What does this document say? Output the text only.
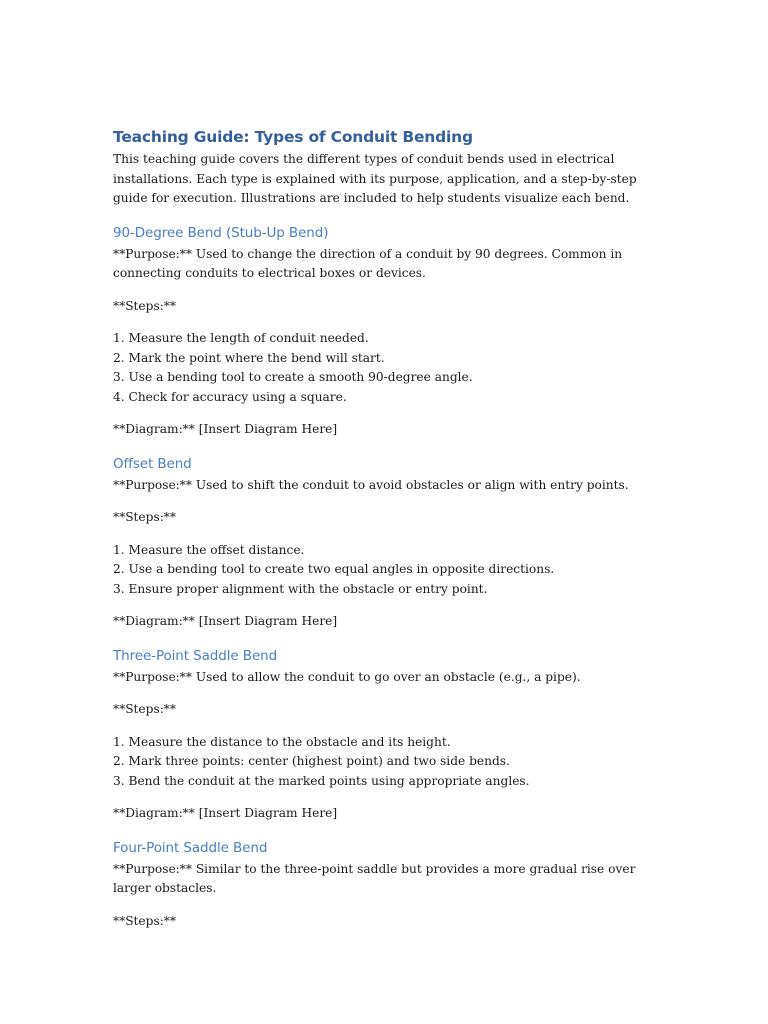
Teaching Guide: Types of Conduit Bending

This teaching guide covers the different types of conduit bends used in electrical installations. Each type is explained with its purpose, application, and a step-by-step guide for execution. Illustrations are included to help students visualize each bend.

90-Degree Bend (Stub-Up Bend)

**Purpose:** Used to change the direction of a conduit by 90 degrees. Common in connecting conduits to electrical boxes or devices.

**Steps:**

1. Measure the length of conduit needed.
2. Mark the point where the bend will start.
3. Use a bending tool to create a smooth 90-degree angle.
4. Check for accuracy using a square.

**Diagram:** [Insert Diagram Here]

Offset Bend

**Purpose:** Used to shift the conduit to avoid obstacles or align with entry points.

**Steps:**

1. Measure the offset distance.
2. Use a bending tool to create two equal angles in opposite directions.
3. Ensure proper alignment with the obstacle or entry point.

**Diagram:** [Insert Diagram Here]

Three-Point Saddle Bend

**Purpose:** Used to allow the conduit to go over an obstacle (e.g., a pipe).

**Steps:**

1. Measure the distance to the obstacle and its height.
2. Mark three points: center (highest point) and two side bends.
3. Bend the conduit at the marked points using appropriate angles.

**Diagram:** [Insert Diagram Here]

Four-Point Saddle Bend

**Purpose:** Similar to the three-point saddle but provides a more gradual rise over larger obstacles.

**Steps:**
